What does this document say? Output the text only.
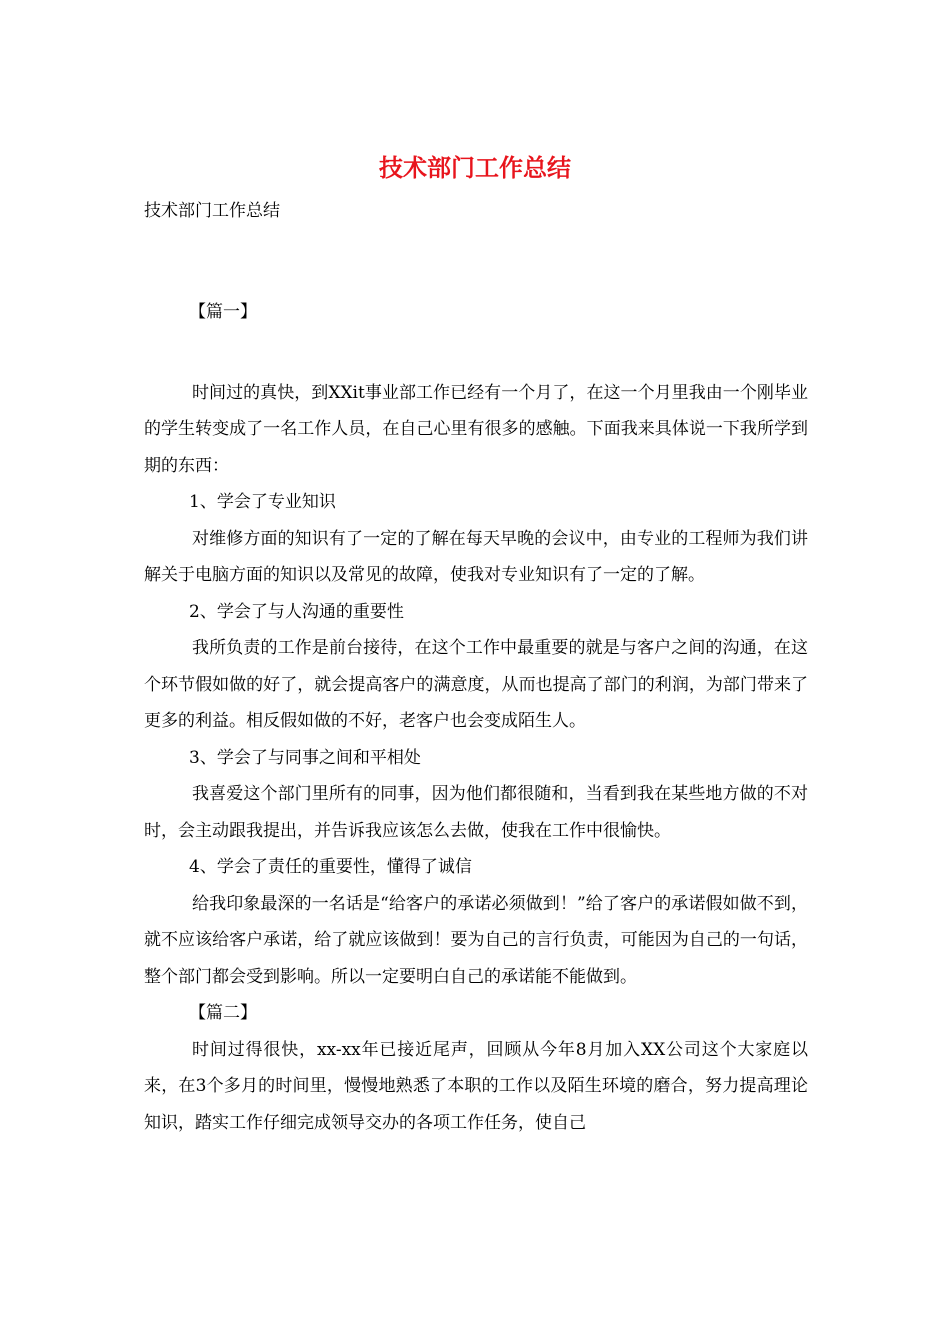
技术部门工作总结
技术部门工作总结

【篇一】

时间过的真快，到XXit事业部工作已经有一个月了，在这一个月里我由一个刚毕业的学生转变成了一名工作人员，在自己心里有很多的感触。下面我来具体说一下我所学到期的东西：

1、学会了专业知识

对维修方面的知识有了一定的了解在每天早晚的会议中，由专业的工程师为我们讲解关于电脑方面的知识以及常见的故障，使我对专业知识有了一定的了解。

2、学会了与人沟通的重要性

我所负责的工作是前台接待，在这个工作中最重要的就是与客户之间的沟通，在这个环节假如做的好了，就会提高客户的满意度，从而也提高了部门的利润，为部门带来了更多的利益。相反假如做的不好，老客户也会变成陌生人。

3、学会了与同事之间和平相处

我喜爱这个部门里所有的同事，因为他们都很随和，当看到我在某些地方做的不对时，会主动跟我提出，并告诉我应该怎么去做，使我在工作中很愉快。

4、学会了责任的重要性，懂得了诚信

给我印象最深的一名话是“给客户的承诺必须做到！”给了客户的承诺假如做不到，就不应该给客户承诺，给了就应该做到！要为自己的言行负责，可能因为自己的一句话，整个部门都会受到影响。所以一定要明白自己的承诺能不能做到。

【篇二】

时间过得很快，xx-xx年已接近尾声，回顾从今年8月加入XX公司这个大家庭以来，在3个多月的时间里，慢慢地熟悉了本职的工作以及陌生环境的磨合，努力提高理论知识，踏实工作仔细完成领导交办的各项工作任务，使自己
